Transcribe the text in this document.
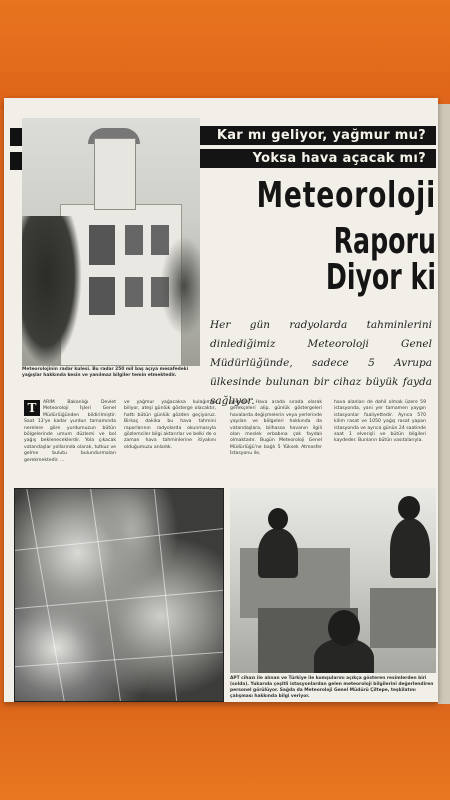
Meteorolojinin radar kulesi. Bu radar 250 mil baş açıya mesafedeki yağışlar hakkında kesin ve yanılmaz bilgiler temin etmektedir.
Kar mı geliyor, yağmur mu?
Yoksa hava açacak mı?
Meteoroloji
Raporu Diyor ki
Her gün radyolarda tahminlerini dinlediğimiz Meteoroloji Genel Müdürlüğünde, sadece 5 Avrupa ülkesinde bulunan bir cihaz büyük fayda sağlıyor.
T	ARIM Bakanlığı Devlet Meteoroloji İşleri Genel Müdürlüğünden bildirilmiştir. Saat 13'ye kadar yurdun tamamında nerelere göre yurdumuzun bütün bölgelerinde umum düzlemi ve bol yağış bekleneceklerdir. Yola çıkacak vatandaşlar yollarında olarak, tutkuz ve gelme bulutu bulundurmaları gerekmektedir. ...
ve yağmur yağacaksa kulağımızı biliyor, ateşi günlük gösterge olacaktır, hattı bütün günlük gözden geçiyoruz. Birkaç dakika bu hava tahmini raporlarının radyolarda okunmasıyla gözlemciler bilgi aktarırlar ve belki de o zaman hava tahminlerine itiyakını olduğumuzu anladık.
gereciler. Hava arada sırada olarak gerekçeleri alip, günlük göstergeleri havalarda değişmelerin veya yerlerinde yayılan ve bölgeleri hakkında da vatandaşlara, bilhassa havanın ilgili olan meslek erbabına çok faydalı olmaktadır. Bugün Meteoroloji Genel Müdürlüğü'ne bağlı 5 Yüksek Atmosfer İstasyonu ile,
hava alanları de dahil olmak üzere 59 istasyonda, yani yer tamamen yaygın istasyonlar faaliyettedir. Ayrıca 570 kilim rasat ve 1050 yağış rasat yapan istasyonda ve ayrıca günün 24 saatinde saat 1 elverişli ve bütün bilgileri kaydeder. Bunların bütün vasıtalarıyla.
APT cihazı ile alınan ve Türkiye ile komşularını açıkça gösteren resimlerden biri (solda). Yukarıda çeşitli istasyonlardan gelen meteoroloji bilgilerini değerlendiren personel görülüyor. Sağda da Meteoroloji Genel Müdürü Çiltepe, teşkilatını çalışması hakkında bilgi veriyor.
